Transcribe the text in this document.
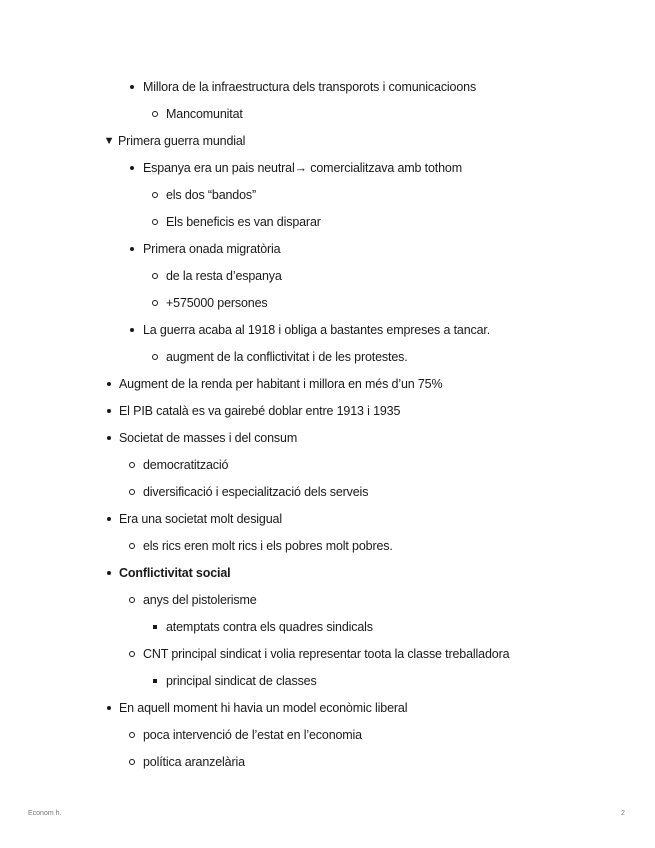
Millora de la infraestructura dels transporots i comunicacioons
Mancomunitat
▼ Primera guerra mundial
Espanya era un pais neutral→ comercialitzava amb tothom
els dos “bandos”
Els beneficis es van disparar
Primera onada migratòria
de la resta d’espanya
+575000 persones
La guerra acaba al 1918 i obliga a bastantes empreses a tancar.
augment de la conflictivitat i de les protestes.
Augment de la renda per habitant i millora en més d’un 75%
El PIB català es va gairebé doblar entre 1913 i 1935
Societat de masses i del consum
democratització
diversificació i especialització dels serveis
Era una societat molt desigual
els rics eren molt rics i els pobres molt pobres.
Conflictivitat social
anys del pistolerisme
atemptats contra els quadres sindicals
CNT principal sindicat i volia representar toota la classe treballadora
principal sindicat de classes
En aquell moment hi havia un model econòmic liberal
poca intervenció de l’estat en l’economia
política aranzelària
Econom h.	2
